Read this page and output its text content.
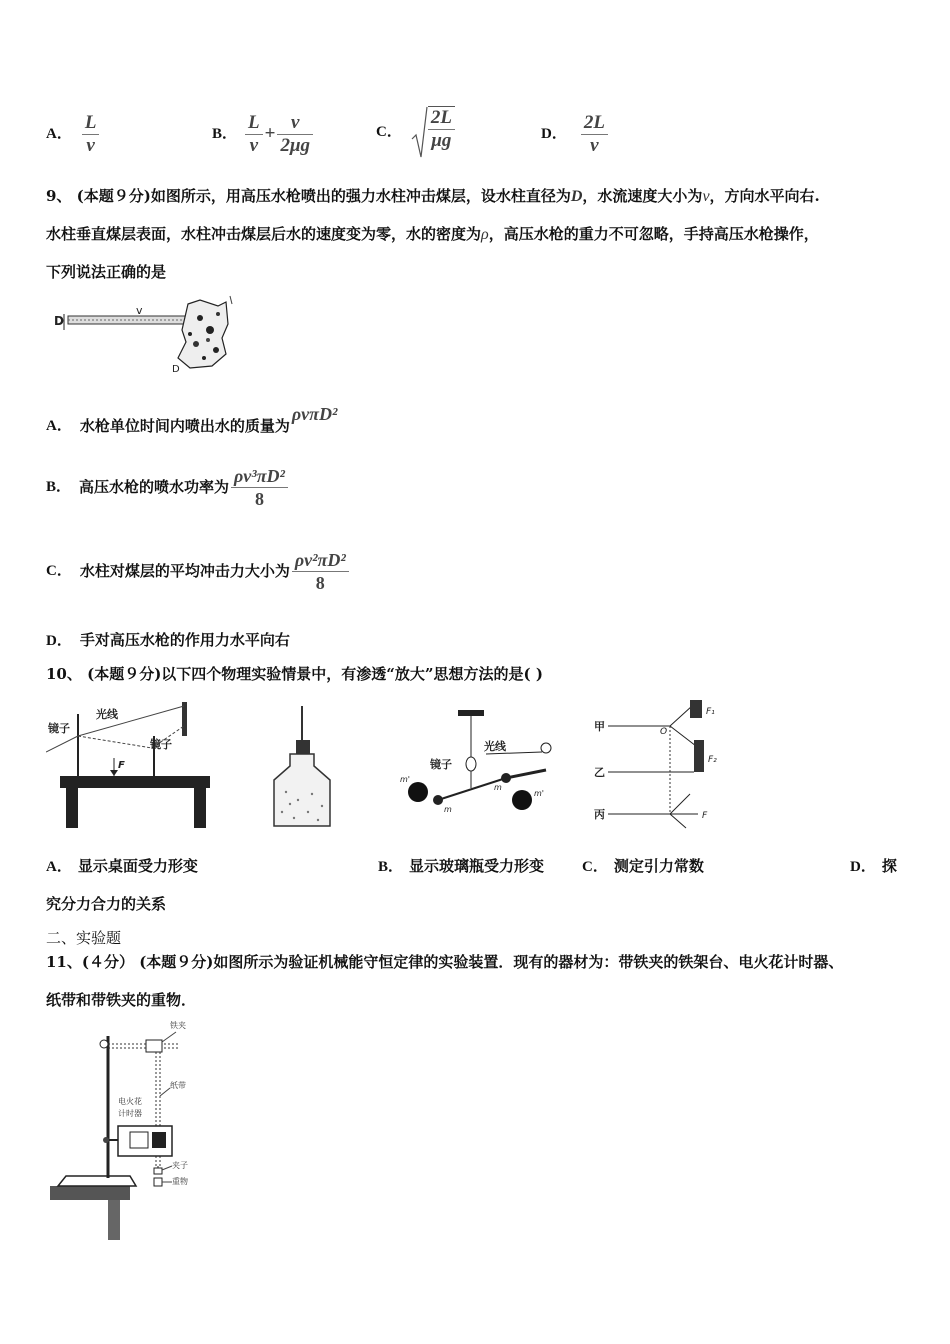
A． $\frac{L}{v}$	B． $\frac{L}{v} + \frac{v}{2\mu g}$	C． $\frac{2L}{\mu g}$	D． $\frac{2L}{v}$
9、 (本题９分)如图所示，用高压水枪喷出的强力水柱冲击煤层，设水柱直径为D，水流速度大小为v，方向水平向右.
水柱垂直煤层表面，水柱冲击煤层后水的速度变为零，水的密度为ρ，高压水枪的重力不可忽略，手持高压水枪操作，
下列说法正确的是
D
v
D
A． 水枪单位时间内喷出水的质量为
ρvπD²
B． 高压水枪的喷水功率为 $\frac{\text{ρv³πD²}}{8}$
C． 水柱对煤层的平均冲击力大小为 $\frac{\text{ρv²πD²}}{8}$
D． 手对高压水枪的作用力水平向右
10、 (本题９分)以下四个物理实验情景中，有渗透“放大”思想方法的是( )
光线
镜子
镜子
F	镜子
光线
m
m
m'
m'
甲
乙
丙
O
F₁
F₂
F
A． 显示桌面受力形变	B． 显示玻璃瓶受力形变	C． 测定引力常数	D． 探
究分力合力的关系
二、实验题
11、(４分） (本题９分)如图所示为验证机械能守恒定律的实验装置．现有的器材为：带铁夹的铁架台、电火花计时器、
纸带和带铁夹的重物．
铁夹
纸带
电火花
计时器
夹子
重物
